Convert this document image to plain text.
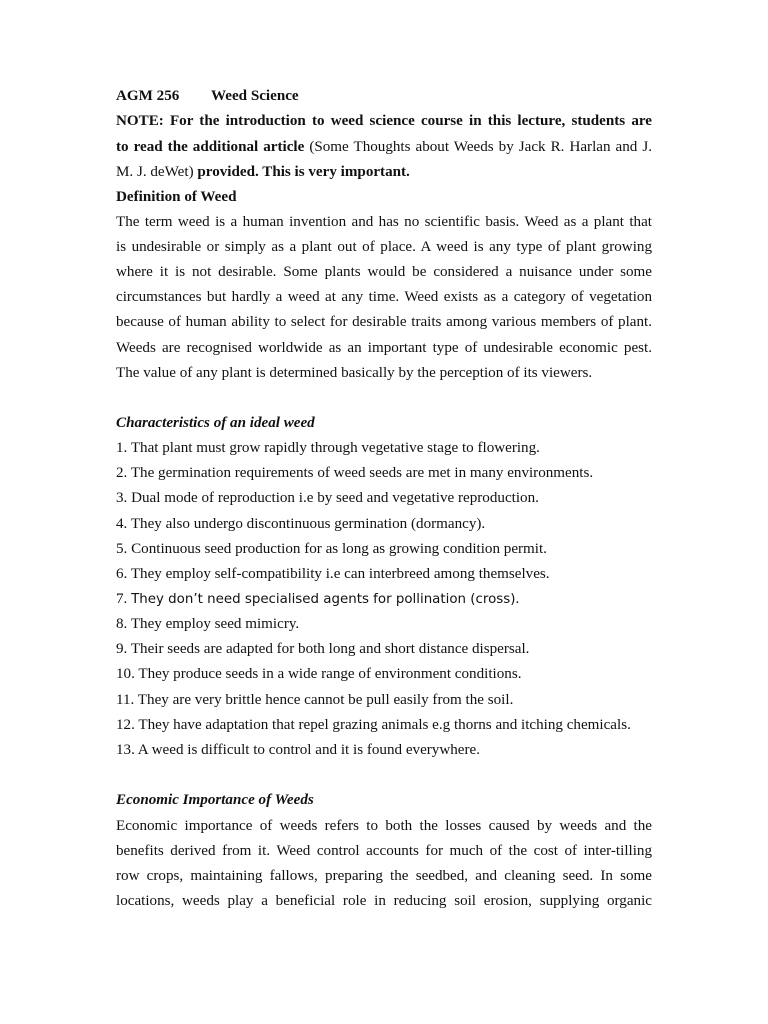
AGM 256 Weed Science
NOTE: For the introduction to weed science course in this lecture, students are
to read the additional article (Some Thoughts about Weeds by Jack R. Harlan and J.
M. J. deWet) provided. This is very important.
Definition of Weed
The term weed is a human invention and has no scientific basis. Weed as a plant that
is undesirable or simply as a plant out of place. A weed is any type of plant growing
where it is not desirable. Some plants would be considered a nuisance under some
circumstances but hardly a weed at any time. Weed exists as a category of vegetation
because of human ability to select for desirable traits among various members of plant.
Weeds are recognised worldwide as an important type of undesirable economic pest.
The value of any plant is determined basically by the perception of its viewers.
Characteristics of an ideal weed
1. That plant must grow rapidly through vegetative stage to flowering.
2. The germination requirements of weed seeds are met in many environments.
3. Dual mode of reproduction i.e by seed and vegetative reproduction.
4. They also undergo discontinuous germination (dormancy).
5. Continuous seed production for as long as growing condition permit.
6. They employ self-compatibility i.e can interbreed among themselves.
7. They don’t need specialised agents for pollination (cross).
8. They employ seed mimicry.
9. Their seeds are adapted for both long and short distance dispersal.
10. They produce seeds in a wide range of environment conditions.
11. They are very brittle hence cannot be pull easily from the soil.
12. They have adaptation that repel grazing animals e.g thorns and itching chemicals.
13. A weed is difficult to control and it is found everywhere.
Economic Importance of Weeds
Economic importance of weeds refers to both the losses caused by weeds and the
benefits derived from it. Weed control accounts for much of the cost of inter-tilling
row crops, maintaining fallows, preparing the seedbed, and cleaning seed. In some
locations, weeds play a beneficial role in reducing soil erosion, supplying organic
